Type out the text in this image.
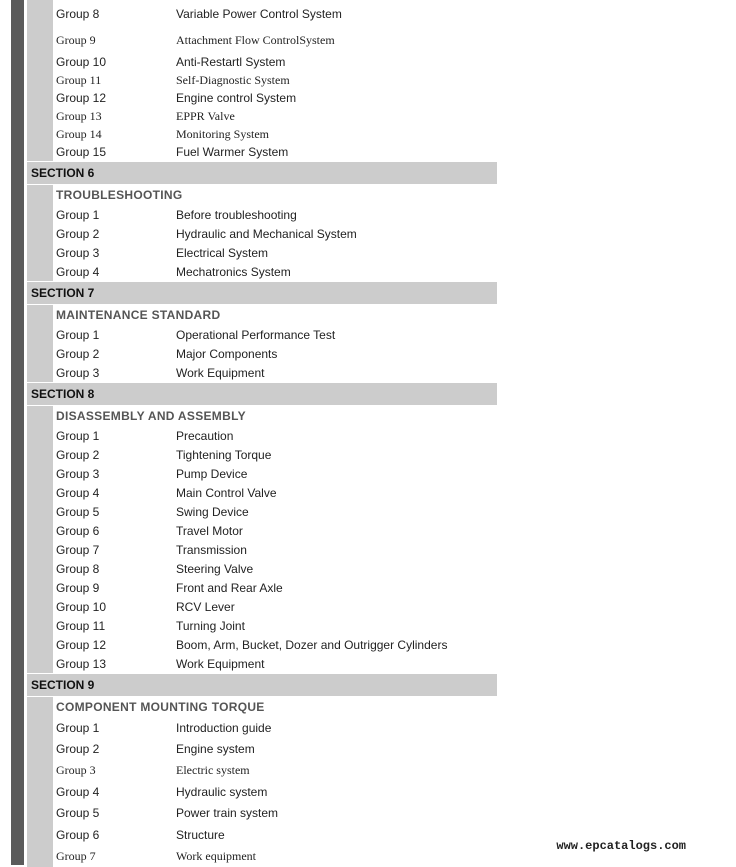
Group 8	Variable Power Control System
Group 9	Attachment Flow ControlSystem
Group 10	Anti-Restartl System
Group 11	Self-Diagnostic System
Group 12	Engine control System
Group 13	EPPR Valve
Group 14	Monitoring System
Group 15	Fuel Warmer System
SECTION 6
TROUBLESHOOTING
Group 1	Before troubleshooting
Group 2	Hydraulic and Mechanical System
Group 3	Electrical System
Group 4	Mechatronics System
SECTION 7
MAINTENANCE STANDARD
Group 1	Operational Performance Test
Group 2	Major Components
Group 3	Work Equipment
SECTION 8
DISASSEMBLY AND ASSEMBLY
Group 1	Precaution
Group 2	Tightening Torque
Group 3	Pump Device
Group 4	Main Control Valve
Group 5	Swing Device
Group 6	Travel Motor
Group 7	Transmission
Group 8	Steering Valve
Group 9	Front and Rear Axle
Group 10	RCV Lever
Group 11	Turning Joint
Group 12	Boom, Arm, Bucket, Dozer and Outrigger Cylinders
Group 13	Work Equipment
SECTION 9
COMPONENT MOUNTING TORQUE
Group 1	Introduction guide
Group 2	Engine system
Group 3	Electric system
Group 4	Hydraulic system
Group 5	Power train system
Group 6	Structure
Group 7	Work equipment
www.epcatalogs.com
